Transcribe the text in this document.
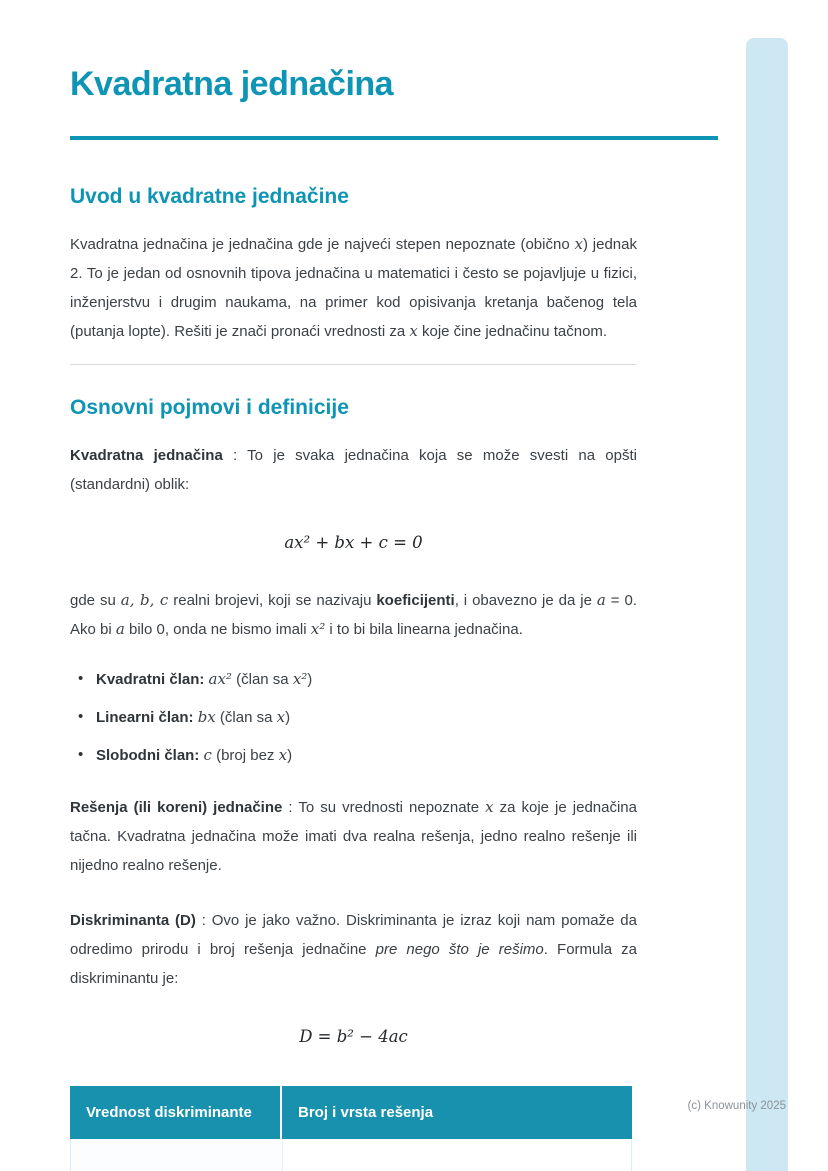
Kvadratna jednačina
Uvod u kvadratne jednačine

Kvadratna jednačina je jednačina gde je najveći stepen nepoznate (obično x) jednak 2. To je jedan od osnovnih tipova jednačina u matematici i često se pojavljuje u fizici, inženjerstvu i drugim naukama, na primer kod opisivanja kretanja bačenog tela (putanja lopte). Rešiti je znači pronaći vrednosti za x koje čine jednačinu tačnom.

Osnovni pojmovi i definicije

Kvadratna jednačina : To je svaka jednačina koja se može svesti na opšti (standardni) oblik:

ax² + bx + c = 0

gde su a, b, c realni brojevi, koji se nazivaju koeficijenti, i obavezno je da je a = 0. Ako bi a bilo 0, onda ne bismo imali x² i to bi bila linearna jednačina.

• Kvadratni član: ax² (član sa x²)
• Linearni član: bx (član sa x)
• Slobodni član: c (broj bez x)

Rešenja (ili koreni) jednačine : To su vrednosti nepoznate x za koje je jednačina tačna. Kvadratna jednačina može imati dva realna rešenja, jedno realno rešenje ili nijedno realno rešenje.

Diskriminanta (D) : Ovo je jako važno. Diskriminanta je izraz koji nam pomaže da odredimo prirodu i broj rešenja jednačine pre nego što je rešimo. Formula za diskriminantu je:

D = b² − 4ac
Vrednost diskriminante	Broj i vrsta rešenja	(c) Knowunity 2025
